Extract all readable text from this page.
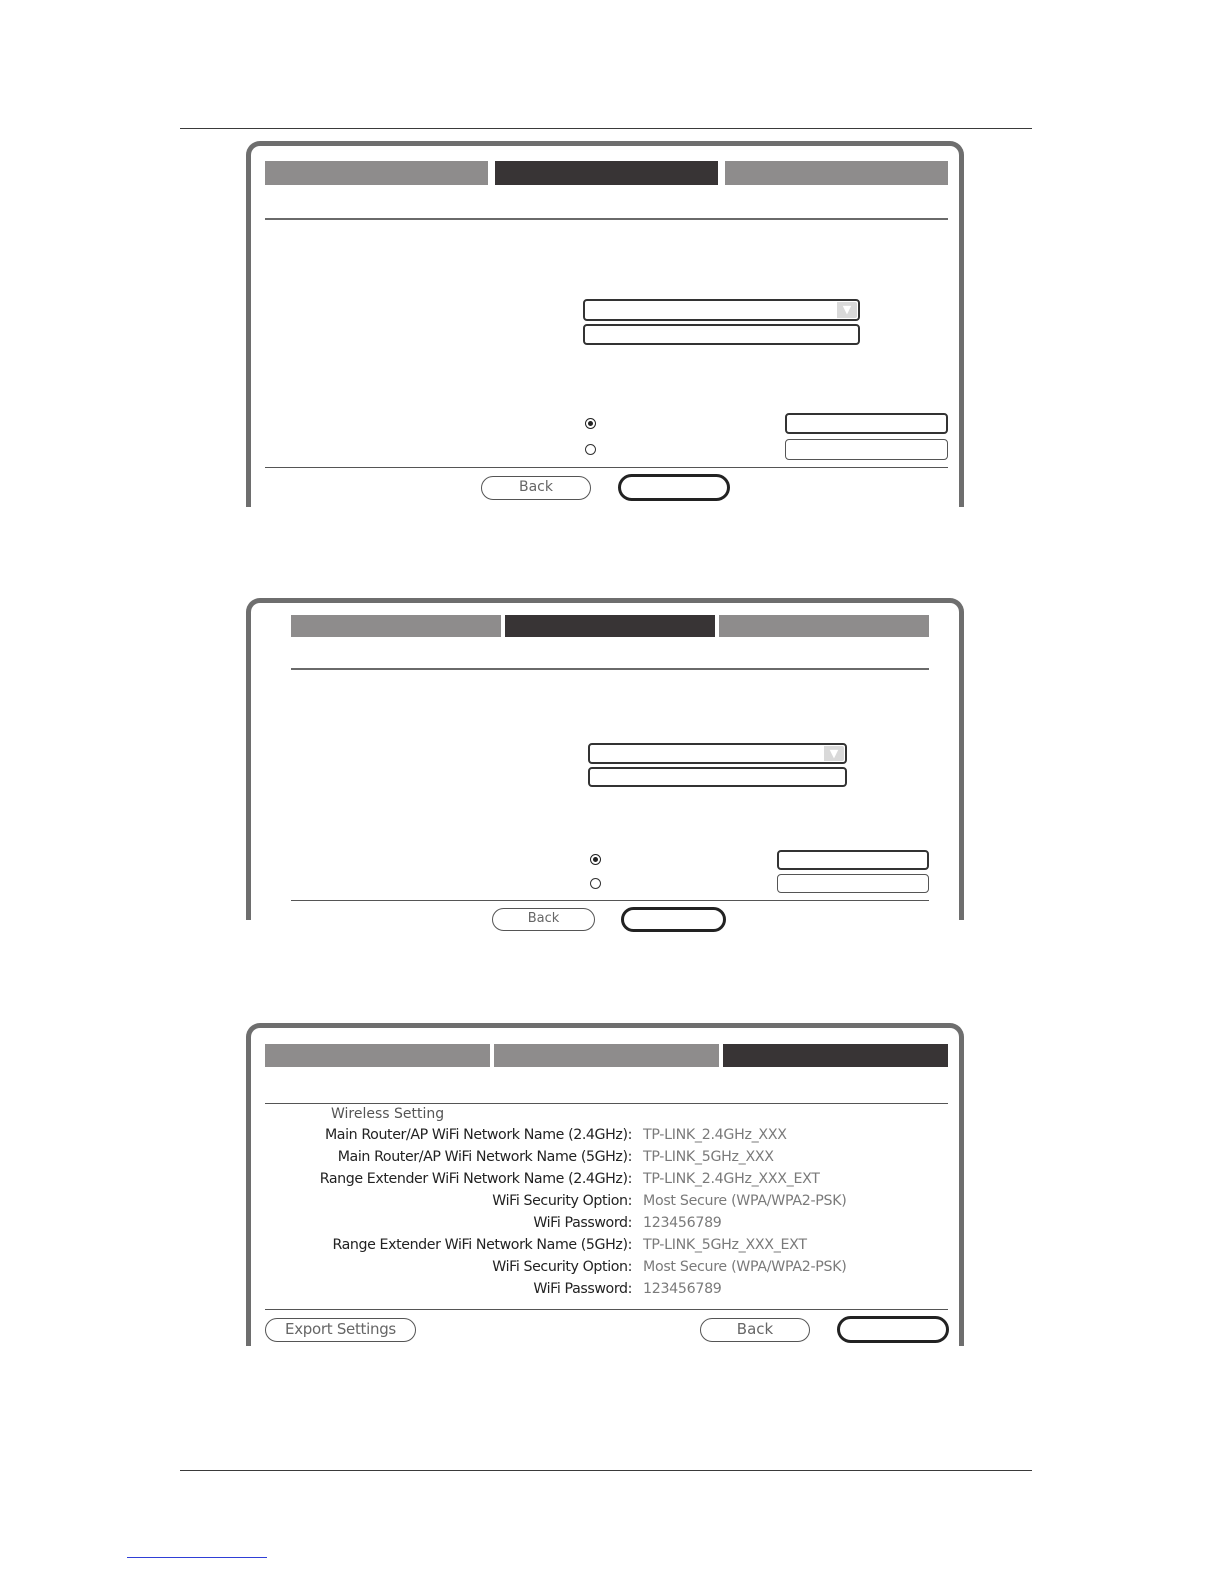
▼
Back
▼
Back
Wireless Setting
Main Router/AP WiFi Network Name (2.4GHz): TP-LINK_2.4GHz_XXX
Main Router/AP WiFi Network Name (5GHz): TP-LINK_5GHz_XXX
Range Extender WiFi Network Name (2.4GHz): TP-LINK_2.4GHz_XXX_EXT
WiFi Security Option: Most Secure (WPA/WPA2-PSK)
WiFi Password: 123456789
Range Extender WiFi Network Name (5GHz): TP-LINK_5GHz_XXX_EXT
WiFi Security Option: Most Secure (WPA/WPA2-PSK)
WiFi Password: 123456789
Export Settings	Back
